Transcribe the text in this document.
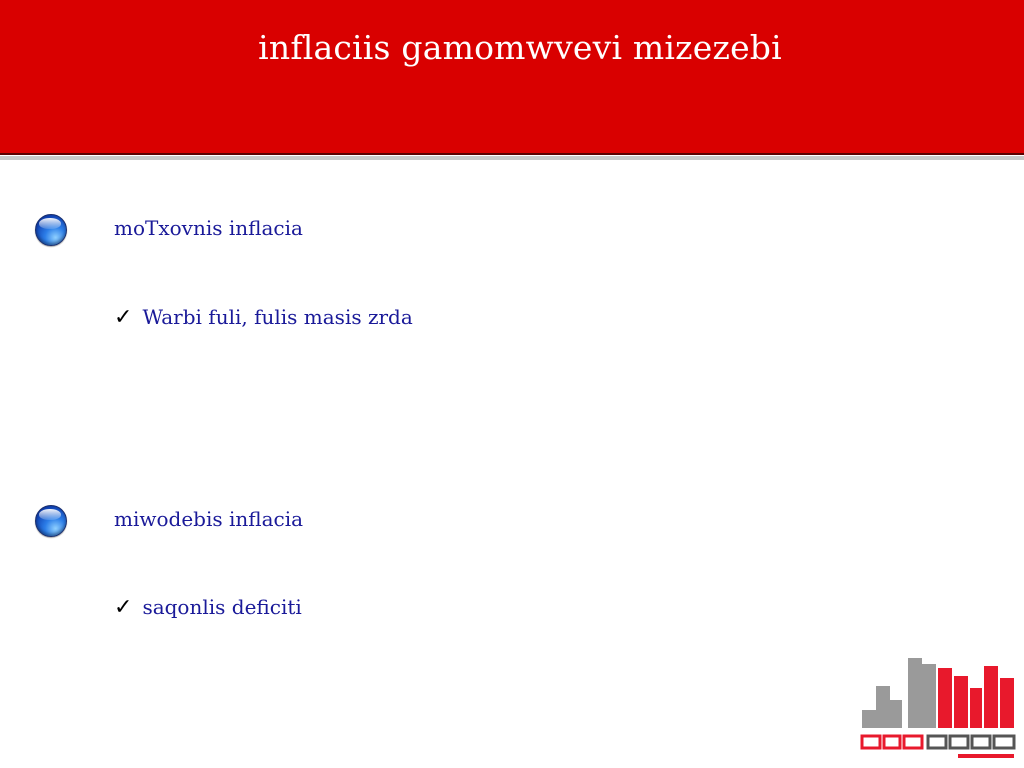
inflaciis gamomwvevi mizezebi
moTxovnis inflacia
✓ Warbi fuli, fulis masis zrda
miwodebis inflacia
✓ saqonlis deficiti
